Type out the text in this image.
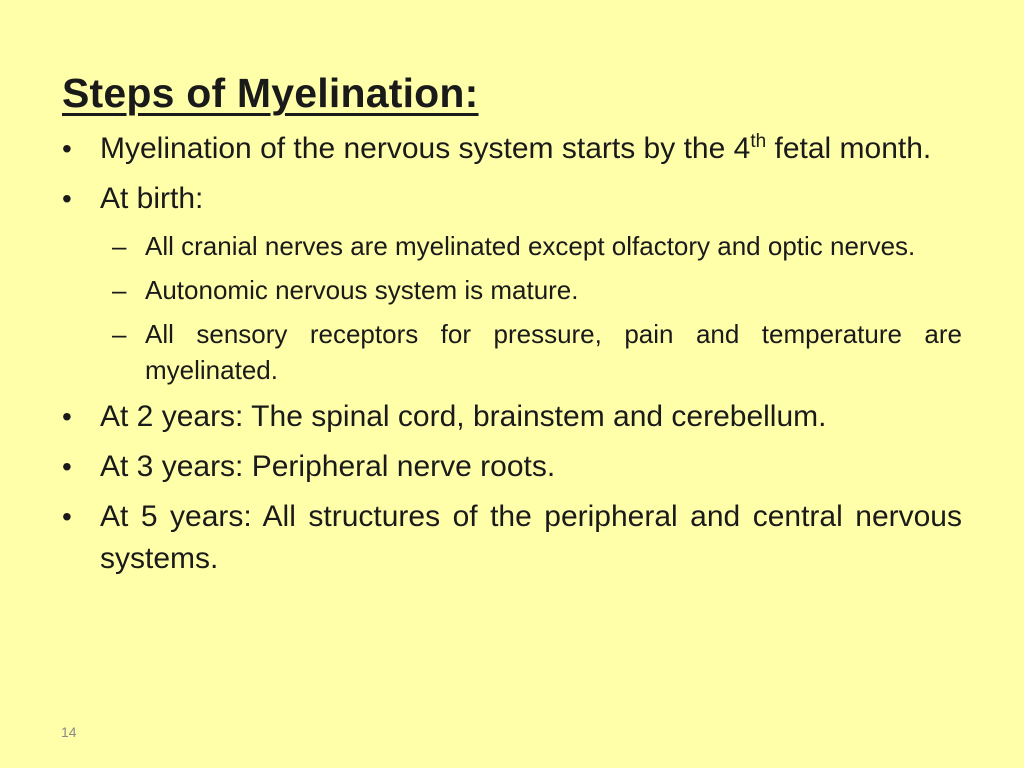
Steps of Myelination:
• Myelination of the nervous system starts by the 4th fetal month.
• At birth:
– All cranial nerves are myelinated except olfactory and optic nerves.
– Autonomic nervous system is mature.
– All sensory receptors for pressure, pain and temperature are myelinated.
• At 2 years: The spinal cord, brainstem and cerebellum.
• At 3 years: Peripheral nerve roots.
• At 5 years: All structures of the peripheral and central nervous systems.
14
